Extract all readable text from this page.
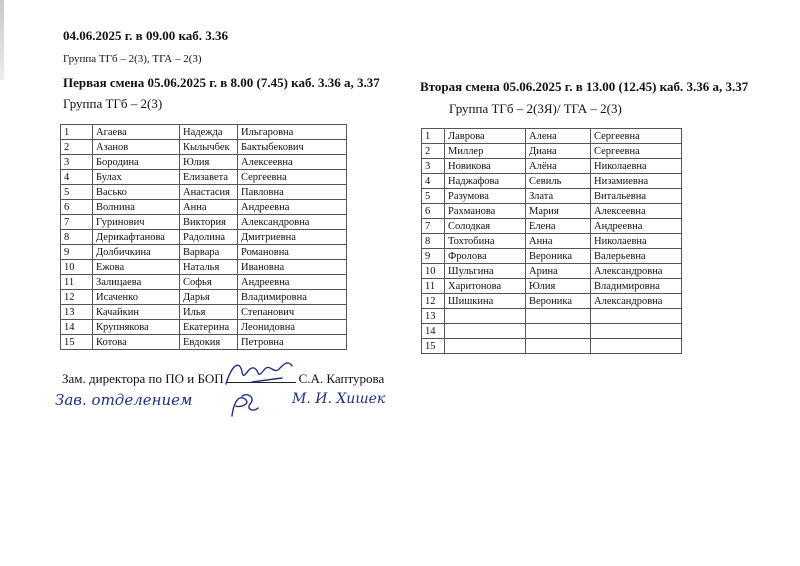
04.06.2025 г. в 09.00 каб. 3.36
Группа ТГб – 2(3), ТГА – 2(3)
Первая смена 05.06.2025 г. в 8.00 (7.45) каб. 3.36 а, 3.37
Группа ТГб – 2(3)
1	Агаева	Надежда	Ильгаровна
2	Азанов	Кылычбек	Бактыбекович
3	Бородина	Юлия	Алексеевна
4	Булах	Елизавета	Сергеевна
5	Васько	Анастасия	Павловна
6	Волнина	Анна	Андреевна
7	Гуринович	Виктория	Александровна
8	Дерикафтанова	Радолина	Дмитриевна
9	Долбичкина	Варвара	Романовна
10	Ежова	Наталья	Ивановна
11	Залицаева	Софья	Андреевна
12	Исаченко	Дарья	Владимировна
13	Качайкин	Илья	Степанович
14	Крупнякова	Екатерина	Леонидовна
15	Котова	Евдокия	Петровна
Вторая смена 05.06.2025 г. в 13.00 (12.45) каб. 3.36 а, 3.37
Группа ТГб – 2(3Я)/ ТГА – 2(3)
1	Лаврова	Алена	Сергеевна
2	Миллер	Диана	Сергеевна
3	Новикова	Алёна	Николаевна
4	Наджафова	Севиль	Низамиевна
5	Разумова	Злата	Витальевна
6	Рахманова	Мария	Алексеевна
7	Солодкая	Елена	Андреевна
8	Тохтобина	Анна	Николаевна
9	Фролова	Вероника	Валерьевна
10	Шульгина	Арина	Александровна
11	Харитонова	Юлия	Владимировна
12	Шишкина	Вероника	Александровна
13			
14			
15			
Зам. директора по ПО и БОП	С.А. Каптурова
Зав. отделением	М. И. Хишек
